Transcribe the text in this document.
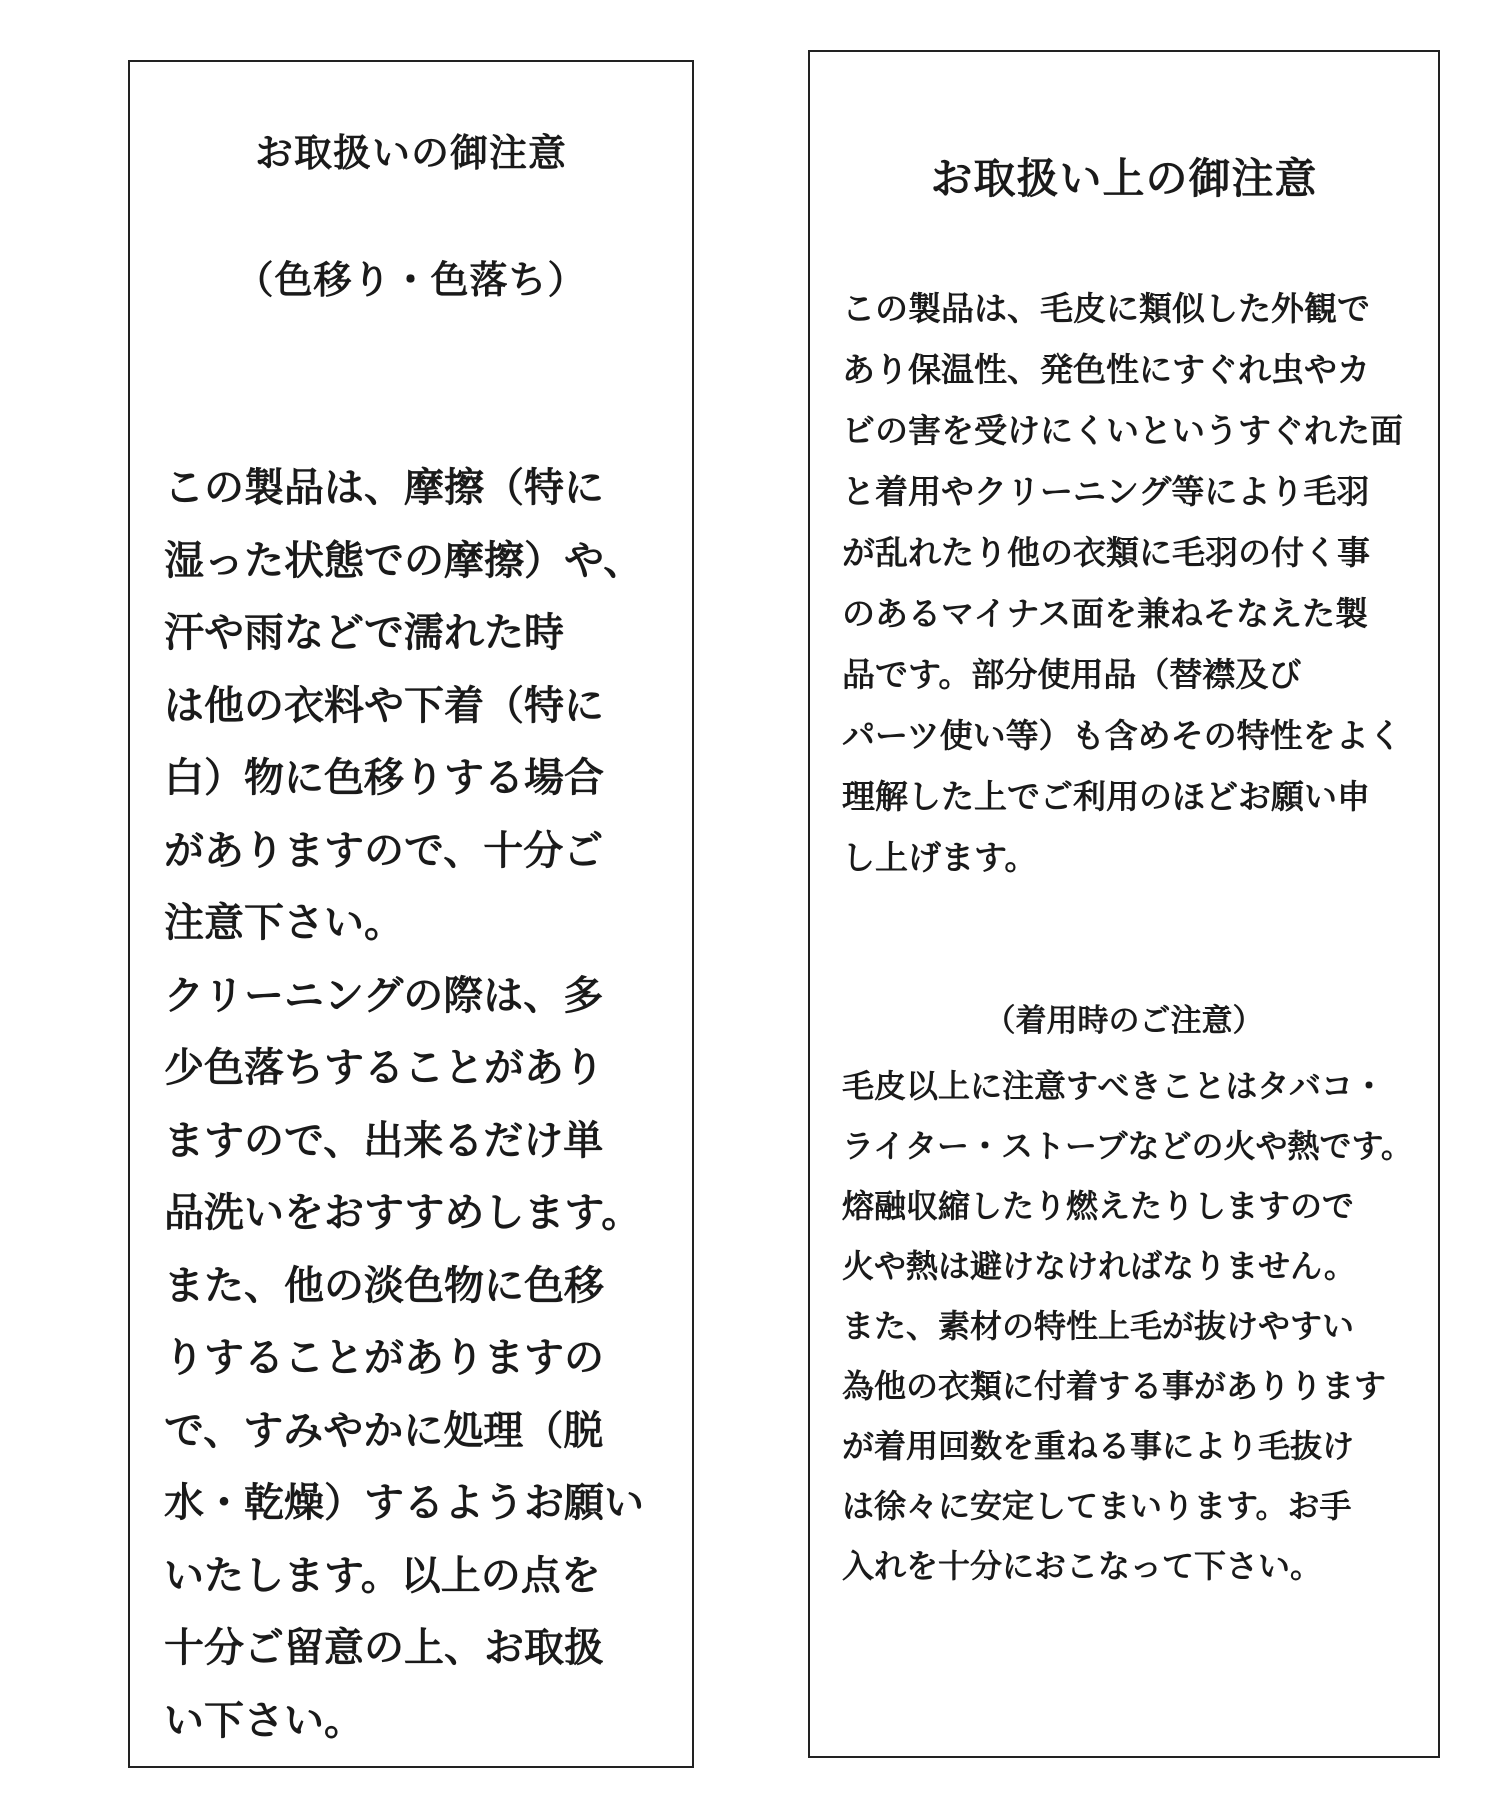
お取扱いの御注意
（色移り・色落ち）
この製品は、摩擦（特に
湿った状態での摩擦）や、
汗や雨などで濡れた時
は他の衣料や下着（特に
白）物に色移りする場合
がありますので、十分ご
注意下さい。
クリーニングの際は、多
少色落ちすることがあり
ますので、出来るだけ単
品洗いをおすすめします。
また、他の淡色物に色移
りすることがありますの
で、すみやかに処理（脱
水・乾燥）するようお願い
いたします。以上の点を
十分ご留意の上、お取扱
い下さい。
お取扱い上の御注意
この製品は、毛皮に類似した外観で
あり保温性、発色性にすぐれ虫やカ
ビの害を受けにくいというすぐれた面
と着用やクリーニング等により毛羽
が乱れたり他の衣類に毛羽の付く事
のあるマイナス面を兼ねそなえた製
品です。部分使用品（替襟及び
パーツ使い等）も含めその特性をよく
理解した上でご利用のほどお願い申
し上げます。
（着用時のご注意）
毛皮以上に注意すべきことはタバコ・
ライター・ストーブなどの火や熱です。
熔融収縮したり燃えたりしますので
火や熱は避けなければなりません。
また、素材の特性上毛が抜けやすい
為他の衣類に付着する事がありります
が着用回数を重ねる事により毛抜け
は徐々に安定してまいります。お手
入れを十分におこなって下さい。
